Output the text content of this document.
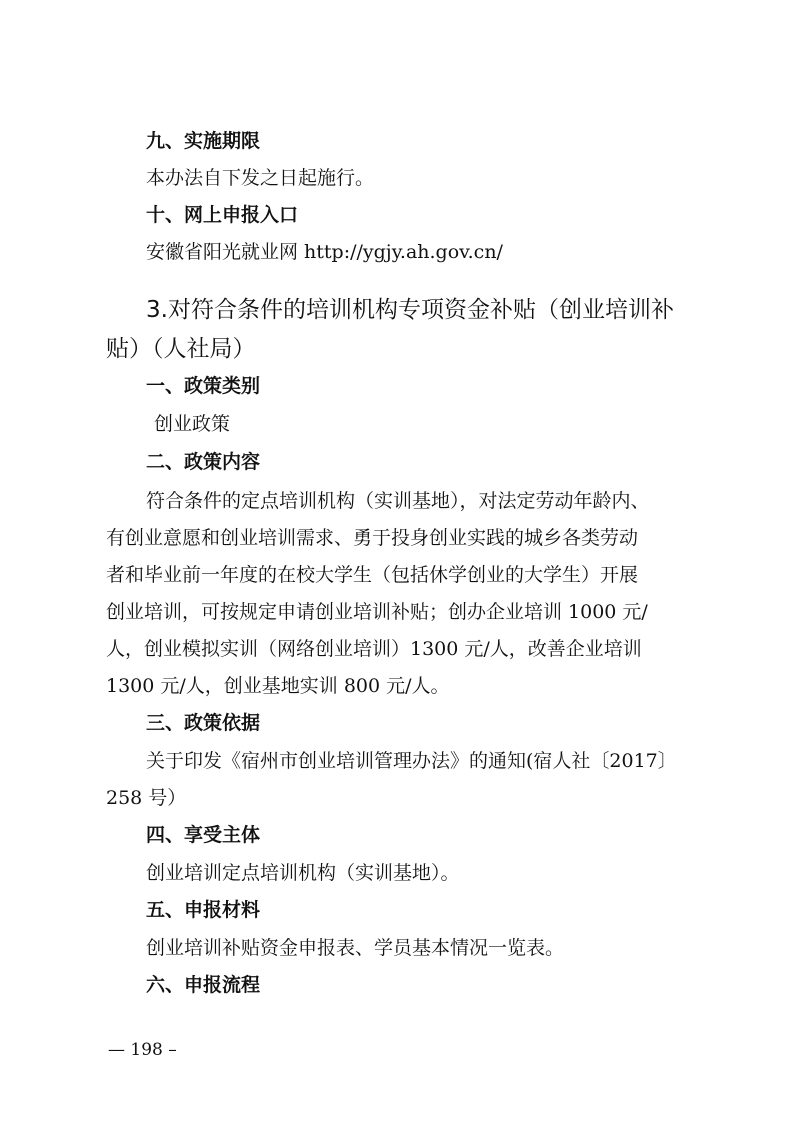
九、实施期限
本办法自下发之日起施行。
十、网上申报入口
安徽省阳光就业网 http://ygjy.ah.gov.cn/
3.对符合条件的培训机构专项资金补贴（创业培训补
贴）（人社局）
一、政策类别
创业政策
二、政策内容
符合条件的定点培训机构（实训基地），对法定劳动年龄内、
有创业意愿和创业培训需求、勇于投身创业实践的城乡各类劳动
者和毕业前一年度的在校大学生（包括休学创业的大学生）开展
创业培训，可按规定申请创业培训补贴；创办企业培训 1000 元/
人，创业模拟实训（网络创业培训）1300 元/人，改善企业培训
1300 元/人，创业基地实训 800 元/人。
三、政策依据
关于印发《宿州市创业培训管理办法》的通知(宿人社〔2017〕
258 号）
四、享受主体
创业培训定点培训机构（实训基地）。
五、申报材料
创业培训补贴资金申报表、学员基本情况一览表。
六、申报流程
— 198 –
